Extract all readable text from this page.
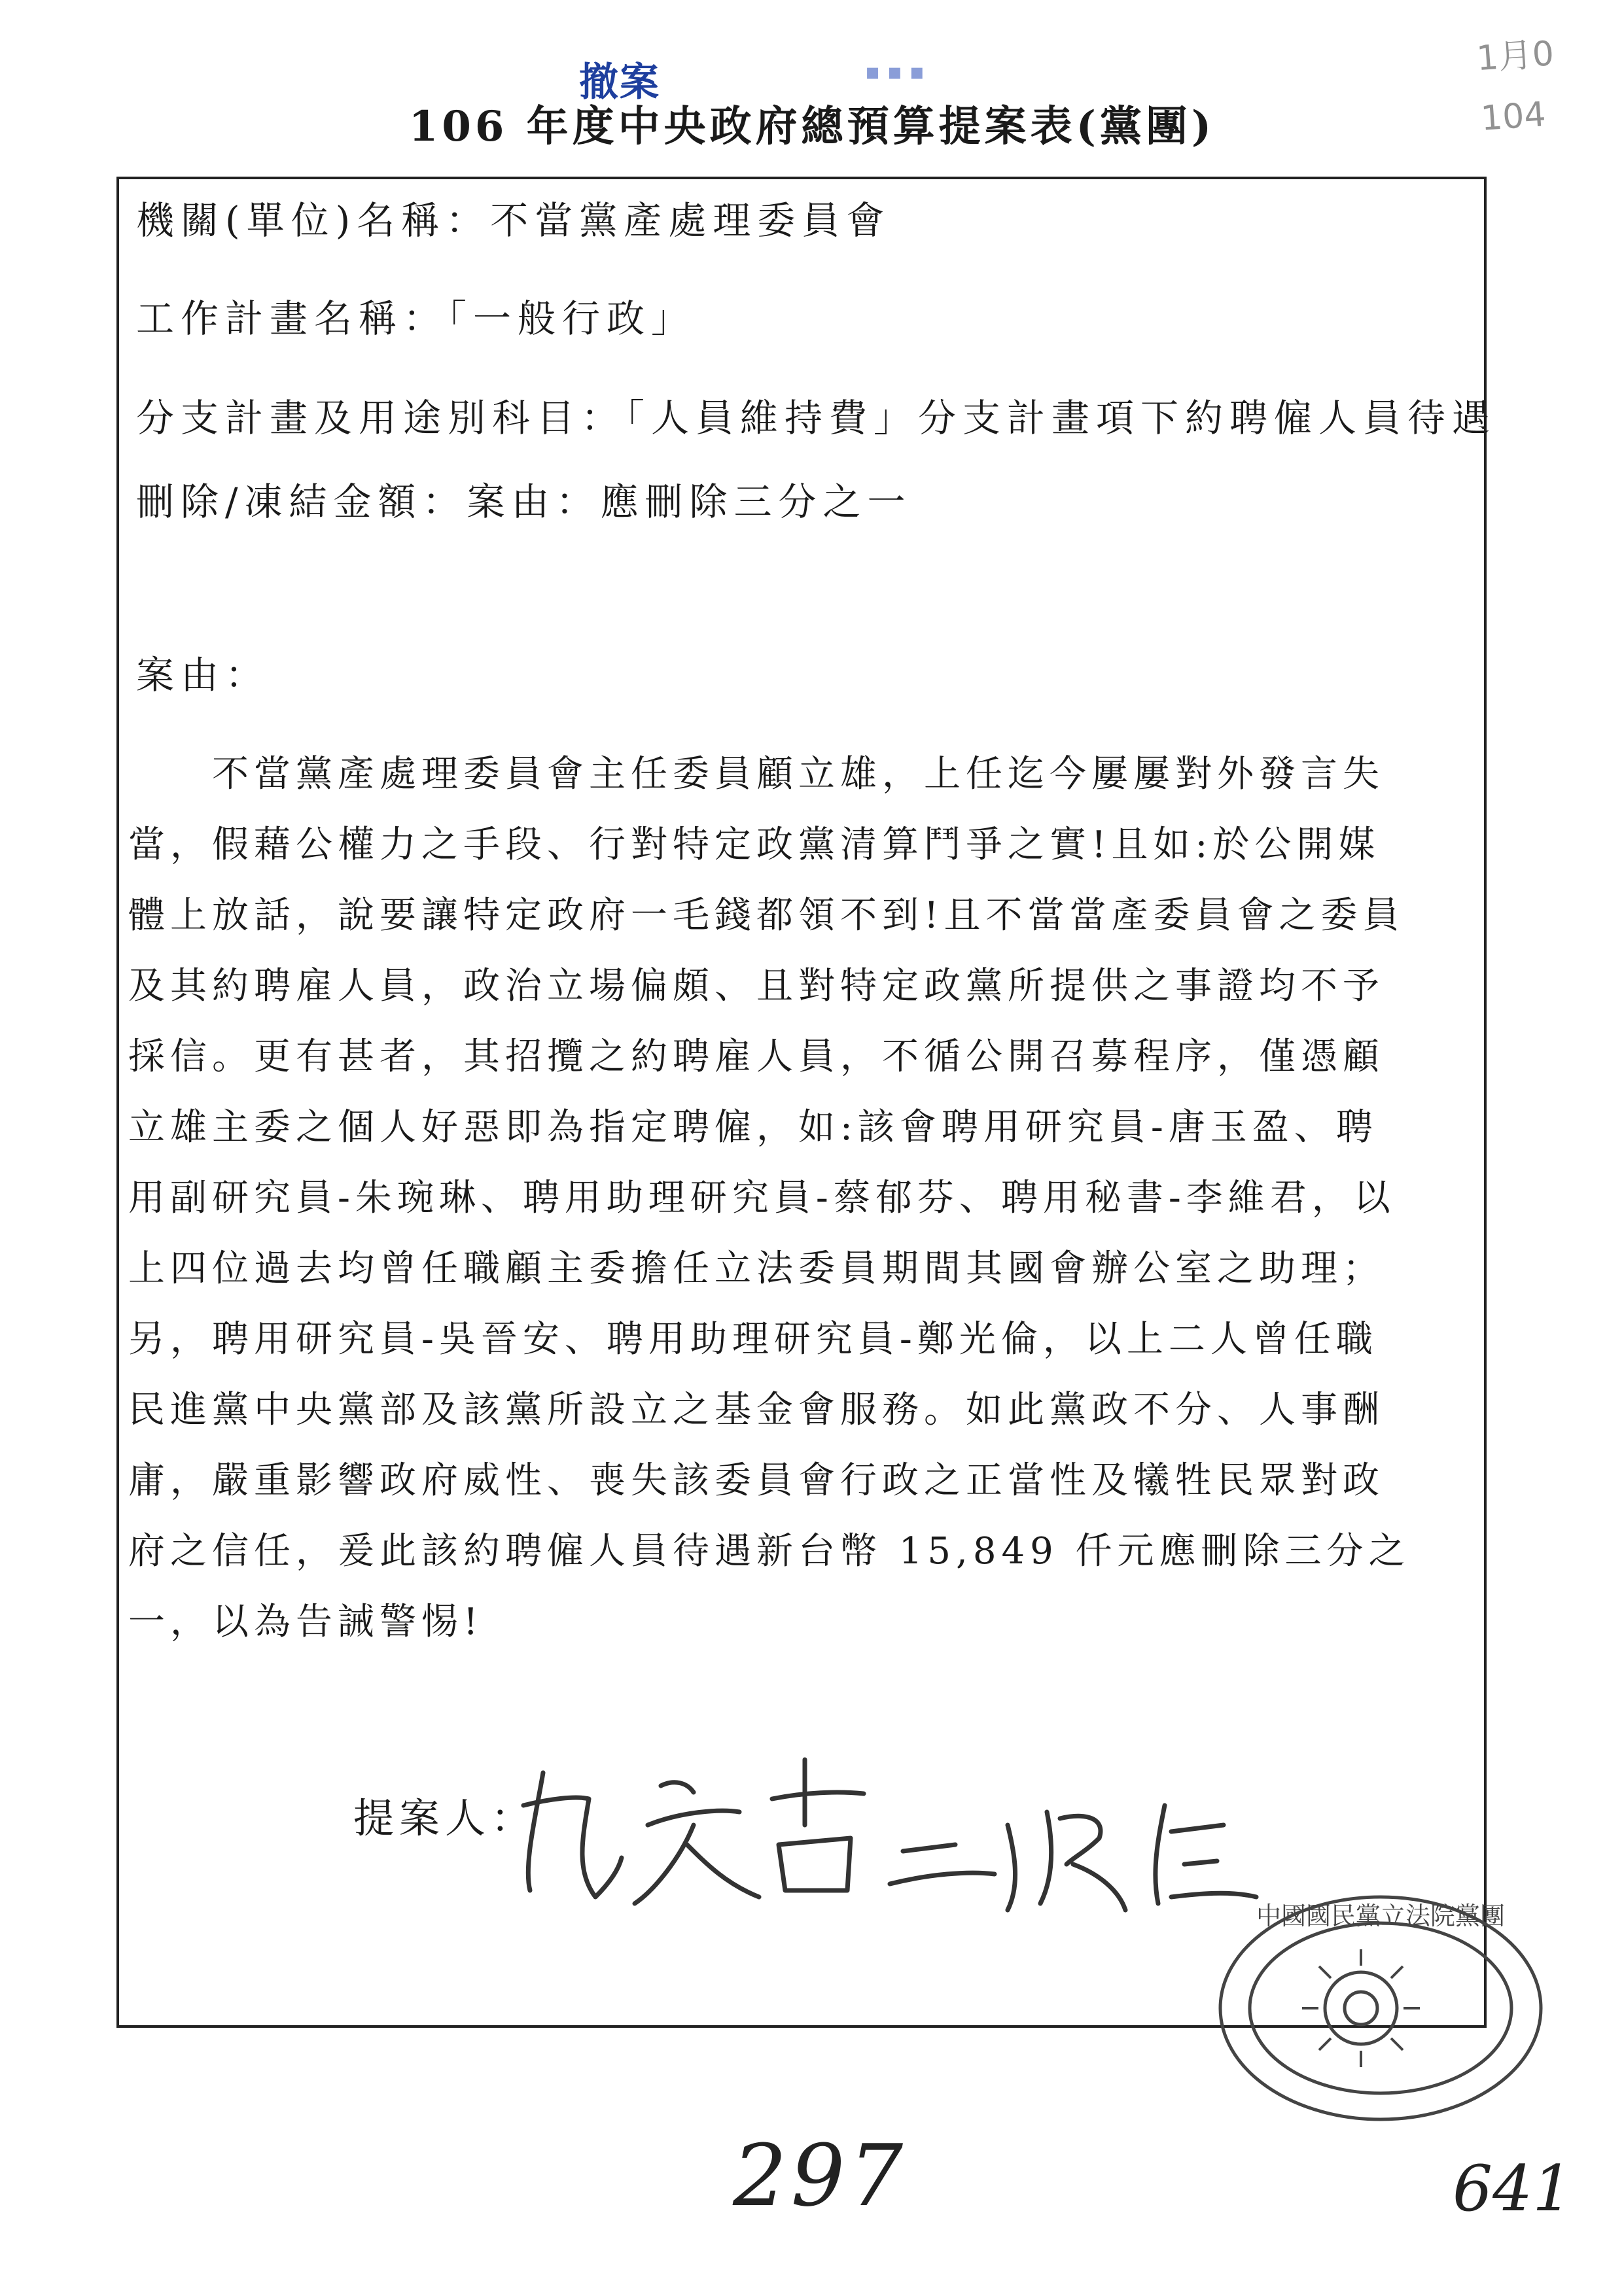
撤案	▪ ▪ ▪	1月0
104
106 年度中央政府總預算提案表(黨團)
機關(單位)名稱：不當黨產處理委員會
工作計畫名稱：「一般行政」
分支計畫及用途別科目：「人員維持費」分支計畫項下約聘僱人員待遇
刪除/凍結金額：案由：應刪除三分之一
案由：
　　不當黨產處理委員會主任委員顧立雄，上任迄今屢屢對外發言失
當，假藉公權力之手段、行對特定政黨清算鬥爭之實!且如:於公開媒
體上放話，說要讓特定政府一毛錢都領不到!且不當當產委員會之委員
及其約聘雇人員，政治立場偏頗、且對特定政黨所提供之事證均不予
採信。更有甚者，其招攬之約聘雇人員，不循公開召募程序，僅憑顧
立雄主委之個人好惡即為指定聘僱，如:該會聘用研究員-唐玉盈、聘
用副研究員-朱琬琳、聘用助理研究員-蔡郁芬、聘用秘書-李維君，以
上四位過去均曾任職顧主委擔任立法委員期間其國會辦公室之助理；
另，聘用研究員-吳晉安、聘用助理研究員-鄭光倫，以上二人曾任職
民進黨中央黨部及該黨所設立之基金會服務。如此黨政不分、人事酬
庸，嚴重影響政府威性、喪失該委員會行政之正當性及犧牲民眾對政
府之信任，爰此該約聘僱人員待遇新台幣 15,849 仟元應刪除三分之
一，以為告誡警惕!
提案人：
中國國民黨立法院黨團
297	641
